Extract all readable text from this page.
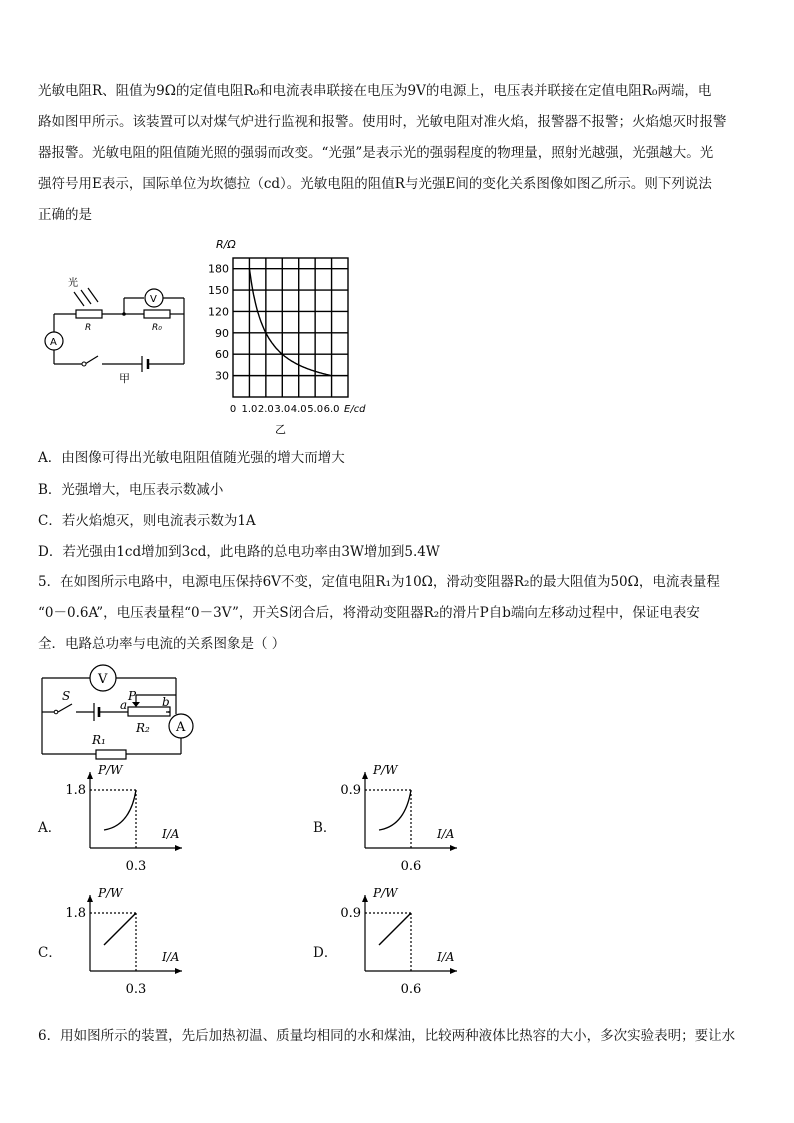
光敏电阻R、阻值为9Ω的定值电阻R₀和电流表串联接在电压为9V的电源上，电压表并联接在定值电阻R₀两端，电
路如图甲所示。该装置可以对煤气炉进行监视和报警。使用时，光敏电阻对准火焰，报警器不报警；火焰熄灭时报警
器报警。光敏电阻的阻值随光照的强弱而改变。“光强”是表示光的强弱程度的物理量，照射光越强，光强越大。光
强符号用E表示，国际单位为坎德拉（cd）。光敏电阻的阻值R与光强E间的变化关系图像如图乙所示。则下列说法
正确的是
光
R	R₀
V
A
甲
180
150
120
90
60
30
0 1.0 2.0 3.0 4.0 5.0 6.0
R/Ω
E/cd
乙
A．由图像可得出光敏电阻阻值随光强的增大而增大
B．光强增大，电压表示数减小
C．若火焰熄灭，则电流表示数为1A
D．若光强由1cd增加到3cd，此电路的总电功率由3W增加到5.4W
5．在如图所示电路中，电源电压保持6V不变，定值电阻R₁为10Ω，滑动变阻器R₂的最大阻值为50Ω，电流表量程
“0－0.6A”，电压表量程“0－3V”，开关S闭合后，将滑动变阻器R₂的滑片P自b端向左移动过程中，保证电表安
全．电路总功率与电流的关系图象是（ ）
V
A
S	P
a	b
R₂
R₁
A．
P/W
I/A
1.8
0.3
B．
P/W
I/A
0.9
0.6
C．
P/W
I/A
1.8
0.3
D．
P/W
I/A
0.9
0.6
6．用如图所示的装置，先后加热初温、质量均相同的水和煤油，比较两种液体比热容的大小，多次实验表明；要让水
